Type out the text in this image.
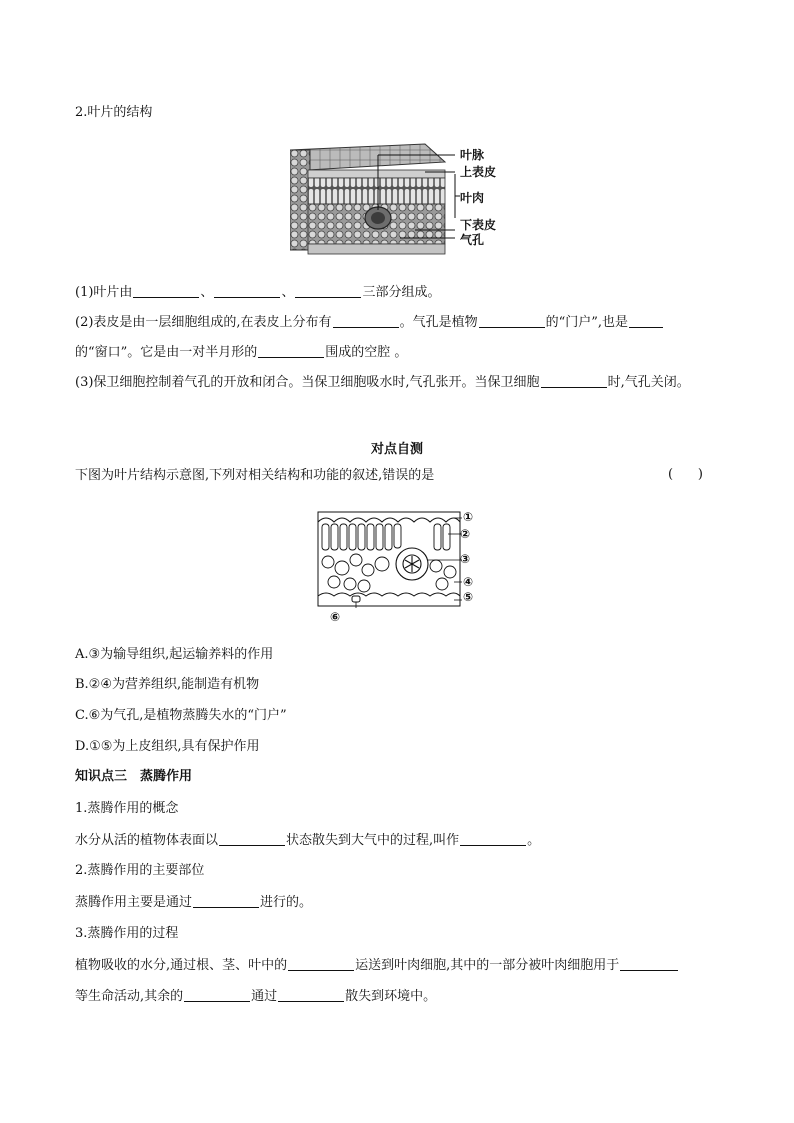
2.叶片的结构
叶脉
上表皮
叶肉
下表皮
气孔
(1)叶片由	、	、	三部分组成。
(2)表皮是由一层细胞组成的,在表皮上分布有	。气孔是植物	的“门户”,也是
的“窗口”。它是由一对半月形的	围成的空腔 。
(3)保卫细胞控制着气孔的开放和闭合。当保卫细胞吸水时,气孔张开。当保卫细胞	时,气孔关闭。
对点自测
下图为叶片结构示意图,下列对相关结构和功能的叙述,错误的是	(      )
①
②
③
④
⑤
⑥
A.③为输导组织,起运输养料的作用
B.②④为营养组织,能制造有机物
C.⑥为气孔,是植物蒸腾失水的“门户”
D.①⑤为上皮组织,具有保护作用
知识点三　蒸腾作用
1.蒸腾作用的概念
水分从活的植物体表面以	状态散失到大气中的过程,叫作	。
2.蒸腾作用的主要部位
蒸腾作用主要是通过	进行的。
3.蒸腾作用的过程
植物吸收的水分,通过根、茎、叶中的	运送到叶肉细胞,其中的一部分被叶肉细胞用于
等生命活动,其余的	通过	散失到环境中。
